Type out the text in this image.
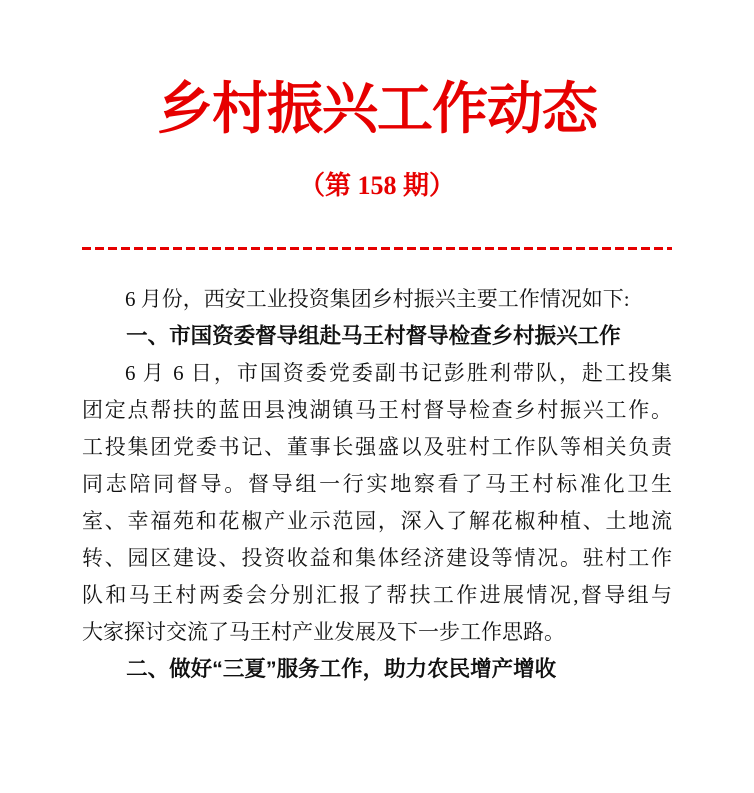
乡村振兴工作动态
（第 158 期）
6 月份，西安工业投资集团乡村振兴主要工作情况如下:
一、市国资委督导组赴马王村督导检查乡村振兴工作
6 月 6 日，市国资委党委副书记彭胜利带队，赴工投集
团定点帮扶的蓝田县洩湖镇马王村督导检查乡村振兴工作。
工投集团党委书记、董事长强盛以及驻村工作队等相关负责
同志陪同督导。督导组一行实地察看了马王村标准化卫生
室、幸福苑和花椒产业示范园，深入了解花椒种植、土地流
转、园区建设、投资收益和集体经济建设等情况。驻村工作
队和马王村两委会分别汇报了帮扶工作进展情况,督导组与
大家探讨交流了马王村产业发展及下一步工作思路。
二、做好“三夏”服务工作，助力农民增产增收
